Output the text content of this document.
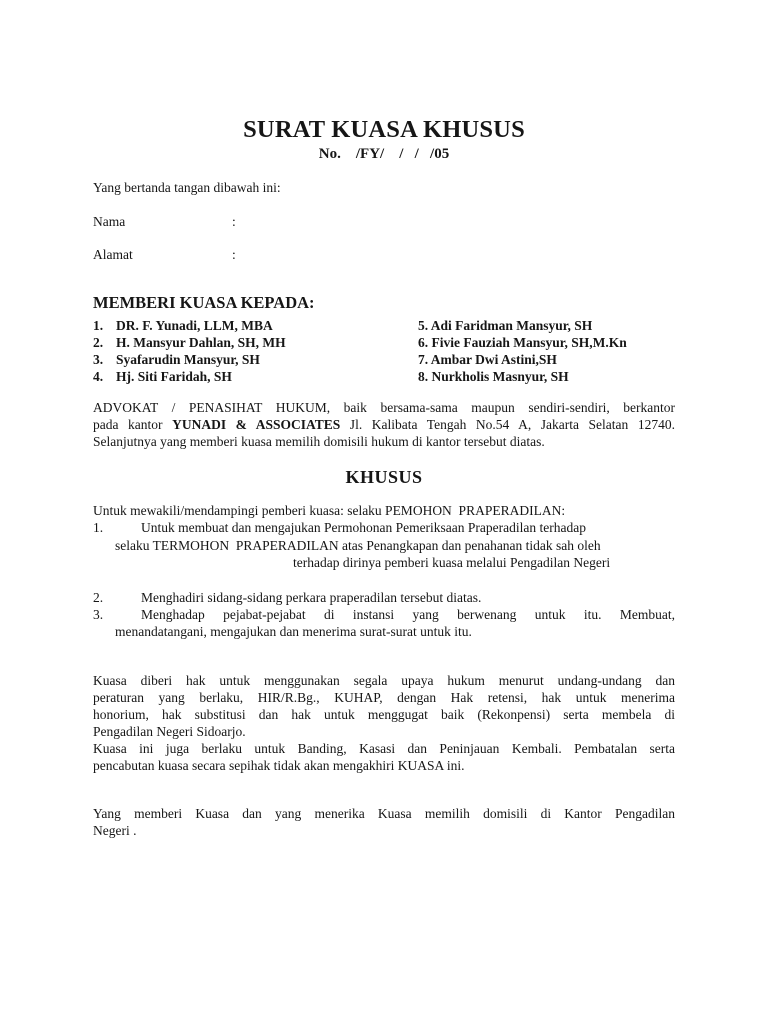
SURAT KUASA KHUSUS
No.    /FY/    /   /   /05
Yang bertanda tangan dibawah ini:
Nama	:
Alamat	:
MEMBERI KUASA KEPADA:
1. DR. F. Yunadi, LLM, MBA
2. H. Mansyur Dahlan, SH, MH
3. Syafarudin Mansyur, SH
4. Hj. Siti Faridah, SH
5. Adi Faridman Mansyur, SH
6. Fivie Fauziah Mansyur, SH,M.Kn
7. Ambar Dwi Astini,SH
8. Nurkholis Masnyur, SH
ADVOKAT / PENASIHAT HUKUM, baik bersama-sama maupun sendiri-sendiri, berkantor
pada kantor YUNADI & ASSOCIATES Jl. Kalibata Tengah No.54 A, Jakarta Selatan 12740.
Selanjutnya yang memberi kuasa memilih domisili hukum di kantor tersebut diatas.
KHUSUS
Untuk mewakili/mendampingi pemberi kuasa: selaku PEMOHON  PRAPERADILAN:
1.	Untuk membuat dan mengajukan Permohonan Pemeriksaan Praperadilan terhadap
selaku TERMOHON  PRAPERADILAN atas Penangkapan dan penahanan tidak sah oleh
terhadap dirinya pemberi kuasa melalui Pengadilan Negeri
2.	Menghadiri sidang-sidang perkara praperadilan tersebut diatas.
3.	Menghadap pejabat-pejabat di instansi yang berwenang untuk itu. Membuat,
menandatangani, mengajukan dan menerima surat-surat untuk itu.
Kuasa diberi hak untuk menggunakan segala upaya hukum menurut undang-undang dan
peraturan yang berlaku, HIR/R.Bg., KUHAP, dengan Hak retensi, hak untuk menerima
honorium, hak substitusi dan hak untuk menggugat baik (Rekonpensi) serta membela di
Pengadilan Negeri Sidoarjo.
Kuasa ini juga berlaku untuk Banding, Kasasi dan Peninjauan Kembali. Pembatalan serta
pencabutan kuasa secara sepihak tidak akan mengakhiri KUASA ini.
Yang memberi Kuasa dan yang menerika Kuasa memilih domisili di Kantor Pengadilan
Negeri .
